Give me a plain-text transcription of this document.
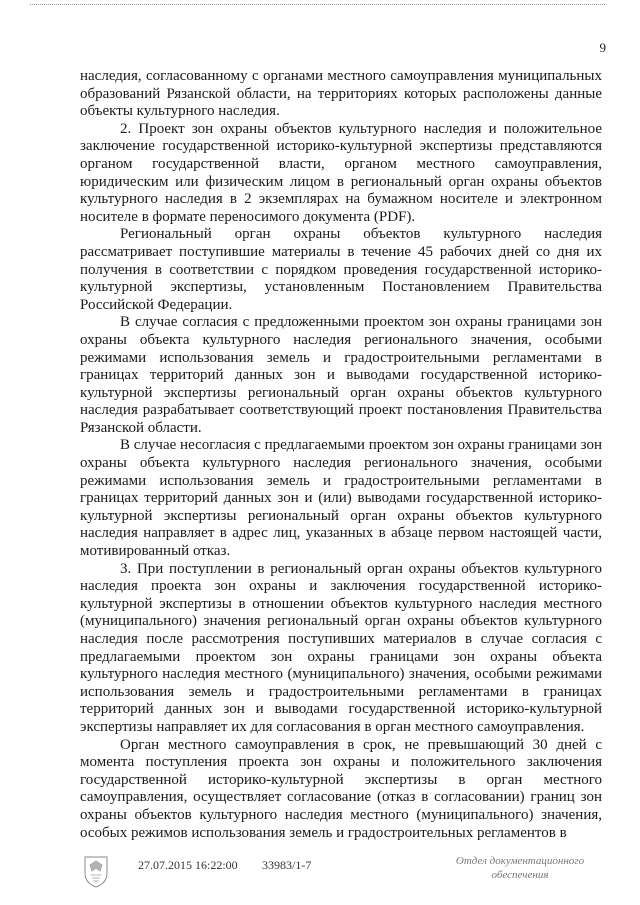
9

наследия, согласованному с органами местного самоуправления муниципальных образований Рязанской области, на территориях которых расположены данные объекты культурного наследия.

2. Проект зон охраны объектов культурного наследия и положительное заключение государственной историко-культурной экспертизы представляются органом государственной власти, органом местного самоуправления, юридическим или физическим лицом в региональный орган охраны объектов культурного наследия в 2 экземплярах на бумажном носителе и электронном носителе в формате переносимого документа (PDF).

Региональный орган охраны объектов культурного наследия рассматривает поступившие материалы в течение 45 рабочих дней со дня их получения в соответствии с порядком проведения государственной историко-культурной экспертизы, установленным Постановлением Правительства Российской Федерации.

В случае согласия с предложенными проектом зон охраны границами зон охраны объекта культурного наследия регионального значения, особыми режимами использования земель и градостроительными регламентами в границах территорий данных зон и выводами государственной историко-культурной экспертизы региональный орган охраны объектов культурного наследия разрабатывает соответствующий проект постановления Правительства Рязанской области.

В случае несогласия с предлагаемыми проектом зон охраны границами зон охраны объекта культурного наследия регионального значения, особыми режимами использования земель и градостроительными регламентами в границах территорий данных зон и (или) выводами государственной историко-культурной экспертизы региональный орган охраны объектов культурного наследия направляет в адрес лиц, указанных в абзаце первом настоящей части, мотивированный отказ.

3. При поступлении в региональный орган охраны объектов культурного наследия проекта зон охраны и заключения государственной историко-культурной экспертизы в отношении объектов культурного наследия местного (муниципального) значения региональный орган охраны объектов культурного наследия после рассмотрения поступивших материалов в случае согласия с предлагаемыми проектом зон охраны границами зон охраны объекта культурного наследия местного (муниципального) значения, особыми режимами использования земель и градостроительными регламентами в границах территорий данных зон и выводами государственной историко-культурной экспертизы направляет их для согласования в орган местного самоуправления.

Орган местного самоуправления в срок, не превышающий 30 дней с момента поступления проекта зон охраны и положительного заключения государственной историко-культурной экспертизы в орган местного самоуправления, осуществляет согласование (отказ в согласовании) границ зон охраны объектов культурного наследия местного (муниципального) значения, особых режимов использования земель и градостроительных регламентов в

27.07.2015 16:22:00 33983/1-7	Отдел документационного
обеспечения
